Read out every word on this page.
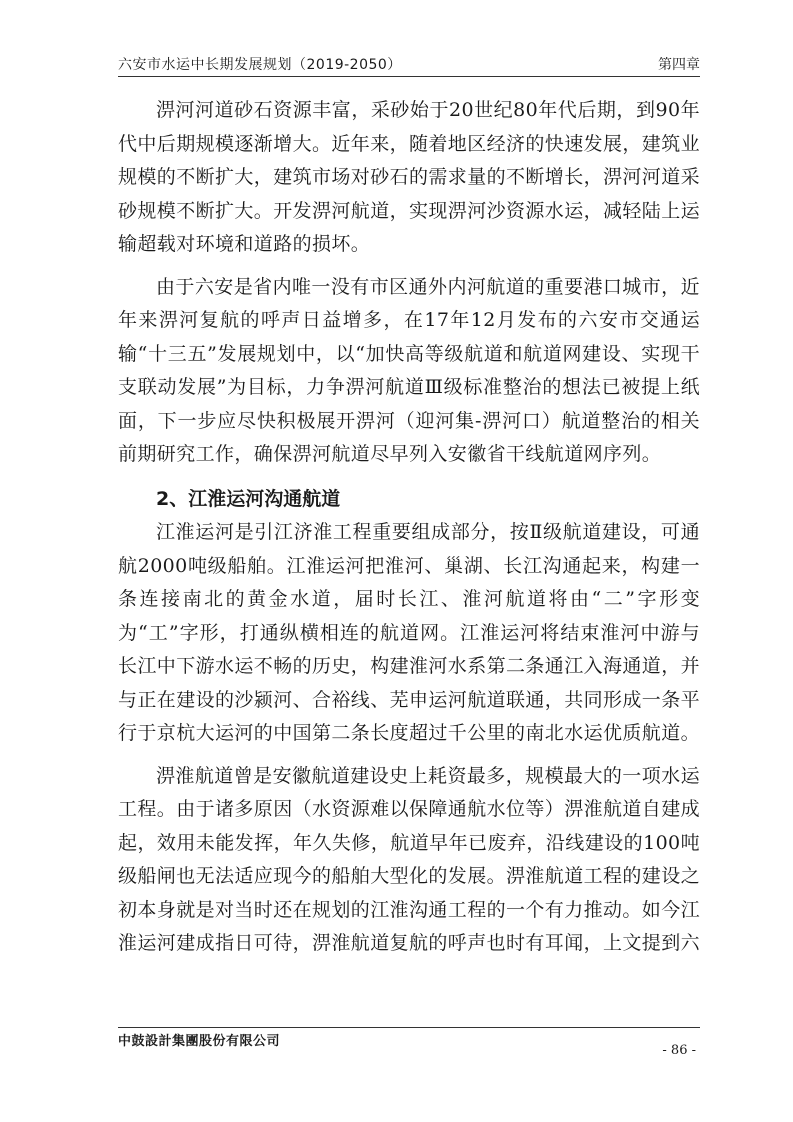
六安市水运中长期发展规划（2019-2050）	第四章

淠河河道砂石资源丰富，采砂始于20世纪80年代后期，到90年代中后期规模逐渐增大。近年来，随着地区经济的快速发展，建筑业规模的不断扩大，建筑市场对砂石的需求量的不断增长，淠河河道采砂规模不断扩大。开发淠河航道，实现淠河沙资源水运，减轻陆上运输超载对环境和道路的损坏。

由于六安是省内唯一没有市区通外内河航道的重要港口城市，近年来淠河复航的呼声日益增多，在17年12月发布的六安市交通运输“十三五”发展规划中，以“加快高等级航道和航道网建设、实现干支联动发展”为目标，力争淠河航道Ⅲ级标准整治的想法已被提上纸面，下一步应尽快积极展开淠河（迎河集-淠河口）航道整治的相关前期研究工作，确保淠河航道尽早列入安徽省干线航道网序列。

2、江淮运河沟通航道

江淮运河是引江济淮工程重要组成部分，按Ⅱ级航道建设，可通航2000吨级船舶。江淮运河把淮河、巢湖、长江沟通起来，构建一条连接南北的黄金水道，届时长江、淮河航道将由“二”字形变为“工”字形，打通纵横相连的航道网。江淮运河将结束淮河中游与长江中下游水运不畅的历史，构建淮河水系第二条通江入海通道，并与正在建设的沙颍河、合裕线、芜申运河航道联通，共同形成一条平行于京杭大运河的中国第二条长度超过千公里的南北水运优质航道。

淠淮航道曾是安徽航道建设史上耗资最多，规模最大的一项水运工程。由于诸多原因（水资源难以保障通航水位等）淠淮航道自建成起，效用未能发挥，年久失修，航道早年已废弃，沿线建设的100吨级船闸也无法适应现今的船舶大型化的发展。淠淮航道工程的建设之初本身就是对当时还在规划的江淮沟通工程的一个有力推动。如今江淮运河建成指日可待，淠淮航道复航的呼声也时有耳闻，上文提到六

中鼓設計集團股份有限公司
- 86 -
